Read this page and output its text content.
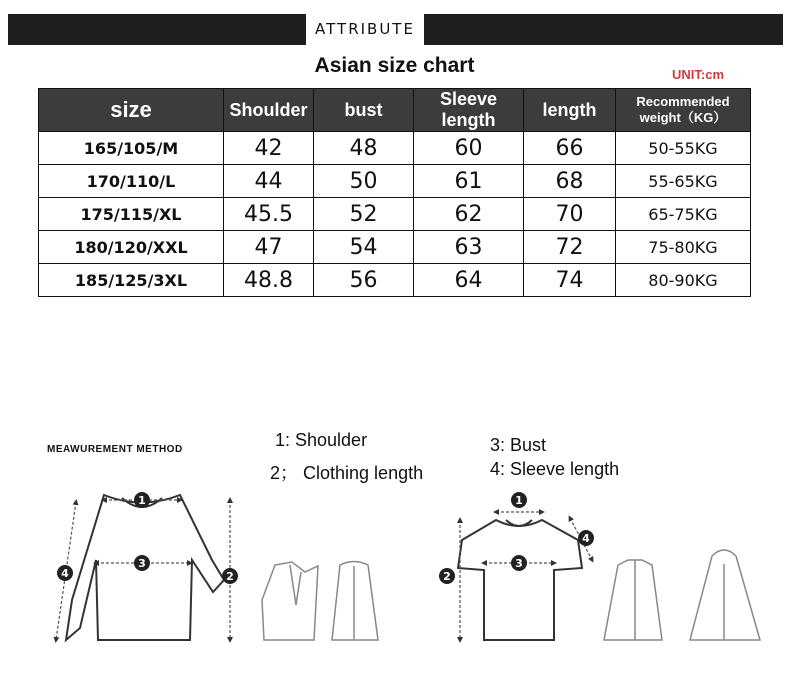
ATTRIBUTE
Asian size chart	UNIT:cm
size	Shoulder	bust	Sleeve length	length	Recommended weight（KG）
165/105/M	42	48	60	66	50-55KG
170/110/L	44	50	61	68	55-65KG
175/115/XL	45.5	52	62	70	65-75KG
180/120/XXL	47	54	63	72	75-80KG
185/125/3XL	48.8	56	64	74	80-90KG
MEAWUREMENT METHOD	1: Shoulder
2； Clothing length
3: Bust
4: Sleeve length
1
3
2
4
1
3
2
4
